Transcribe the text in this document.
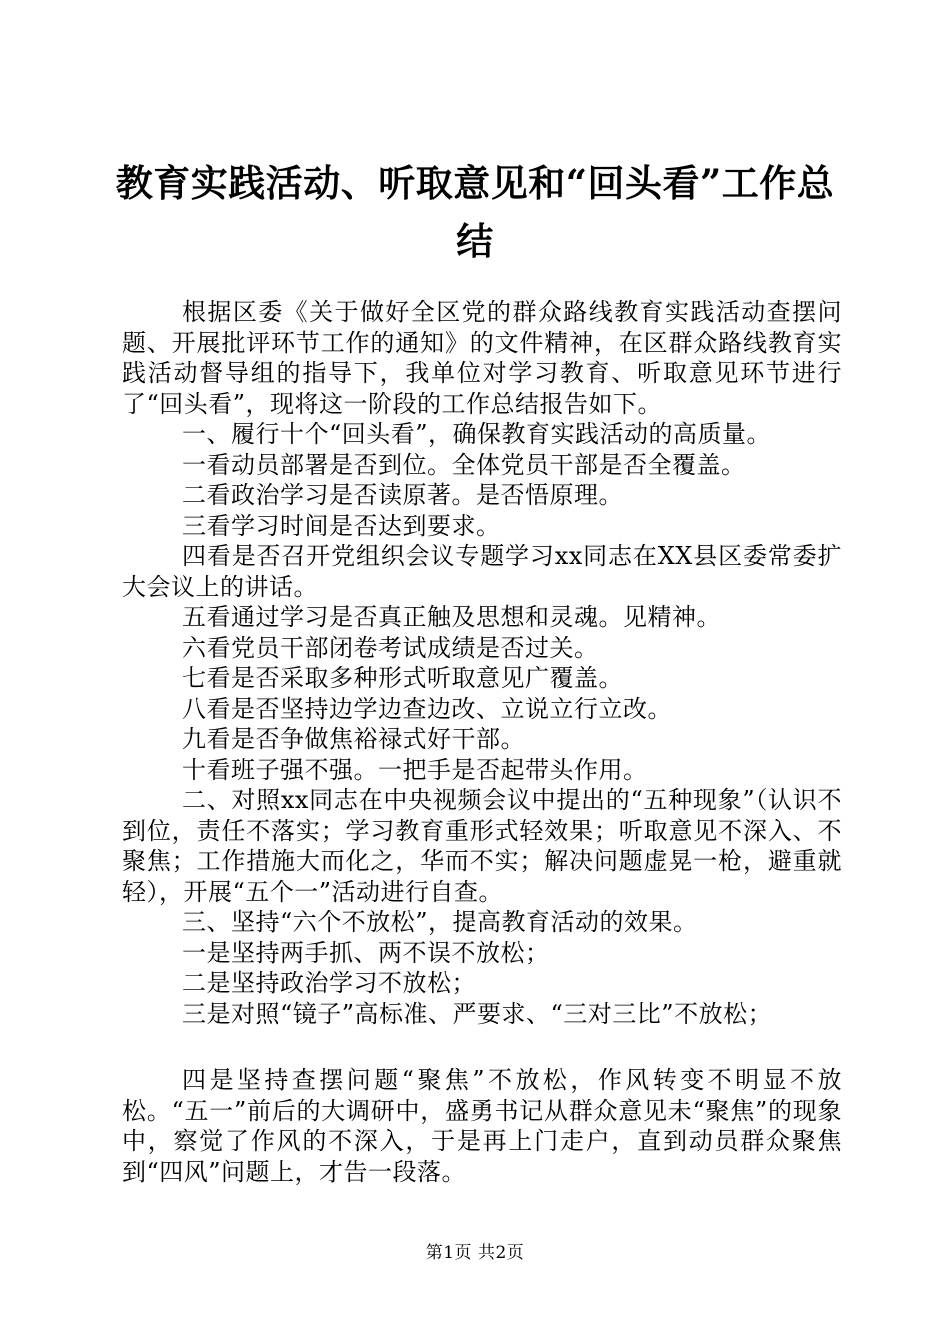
教育实践活动、听取意见和“回头看”工作总
结

根据区委《关于做好全区党的群众路线教育实践活动查摆问题、开展批评环节工作的通知》的文件精神，在区群众路线教育实践活动督导组的指导下，我单位对学习教育、听取意见环节进行了“回头看”，现将这一阶段的工作总结报告如下。

一、履行十个“回头看”，确保教育实践活动的高质量。

一看动员部署是否到位。全体党员干部是否全覆盖。

二看政治学习是否读原著。是否悟原理。

三看学习时间是否达到要求。

四看是否召开党组织会议专题学习xx同志在XX县区委常委扩大会议上的讲话。

五看通过学习是否真正触及思想和灵魂。见精神。

六看党员干部闭卷考试成绩是否过关。

七看是否采取多种形式听取意见广覆盖。

八看是否坚持边学边查边改、立说立行立改。

九看是否争做焦裕禄式好干部。

十看班子强不强。一把手是否起带头作用。

二、对照xx同志在中央视频会议中提出的“五种现象”（认识不到位，责任不落实；学习教育重形式轻效果；听取意见不深入、不聚焦；工作措施大而化之，华而不实；解决问题虚晃一枪，避重就轻），开展“五个一”活动进行自查。

三、坚持“六个不放松”，提高教育活动的效果。

一是坚持两手抓、两不误不放松；

二是坚持政治学习不放松；

三是对照“镜子”高标准、严要求、“三对三比”不放松；

四是坚持查摆问题“聚焦”不放松，作风转变不明显不放松。“五一”前后的大调研中，盛勇书记从群众意见未“聚焦”的现象中，察觉了作风的不深入，于是再上门走户，直到动员群众聚焦到“四风”问题上，才告一段落。

第1页 共2页
